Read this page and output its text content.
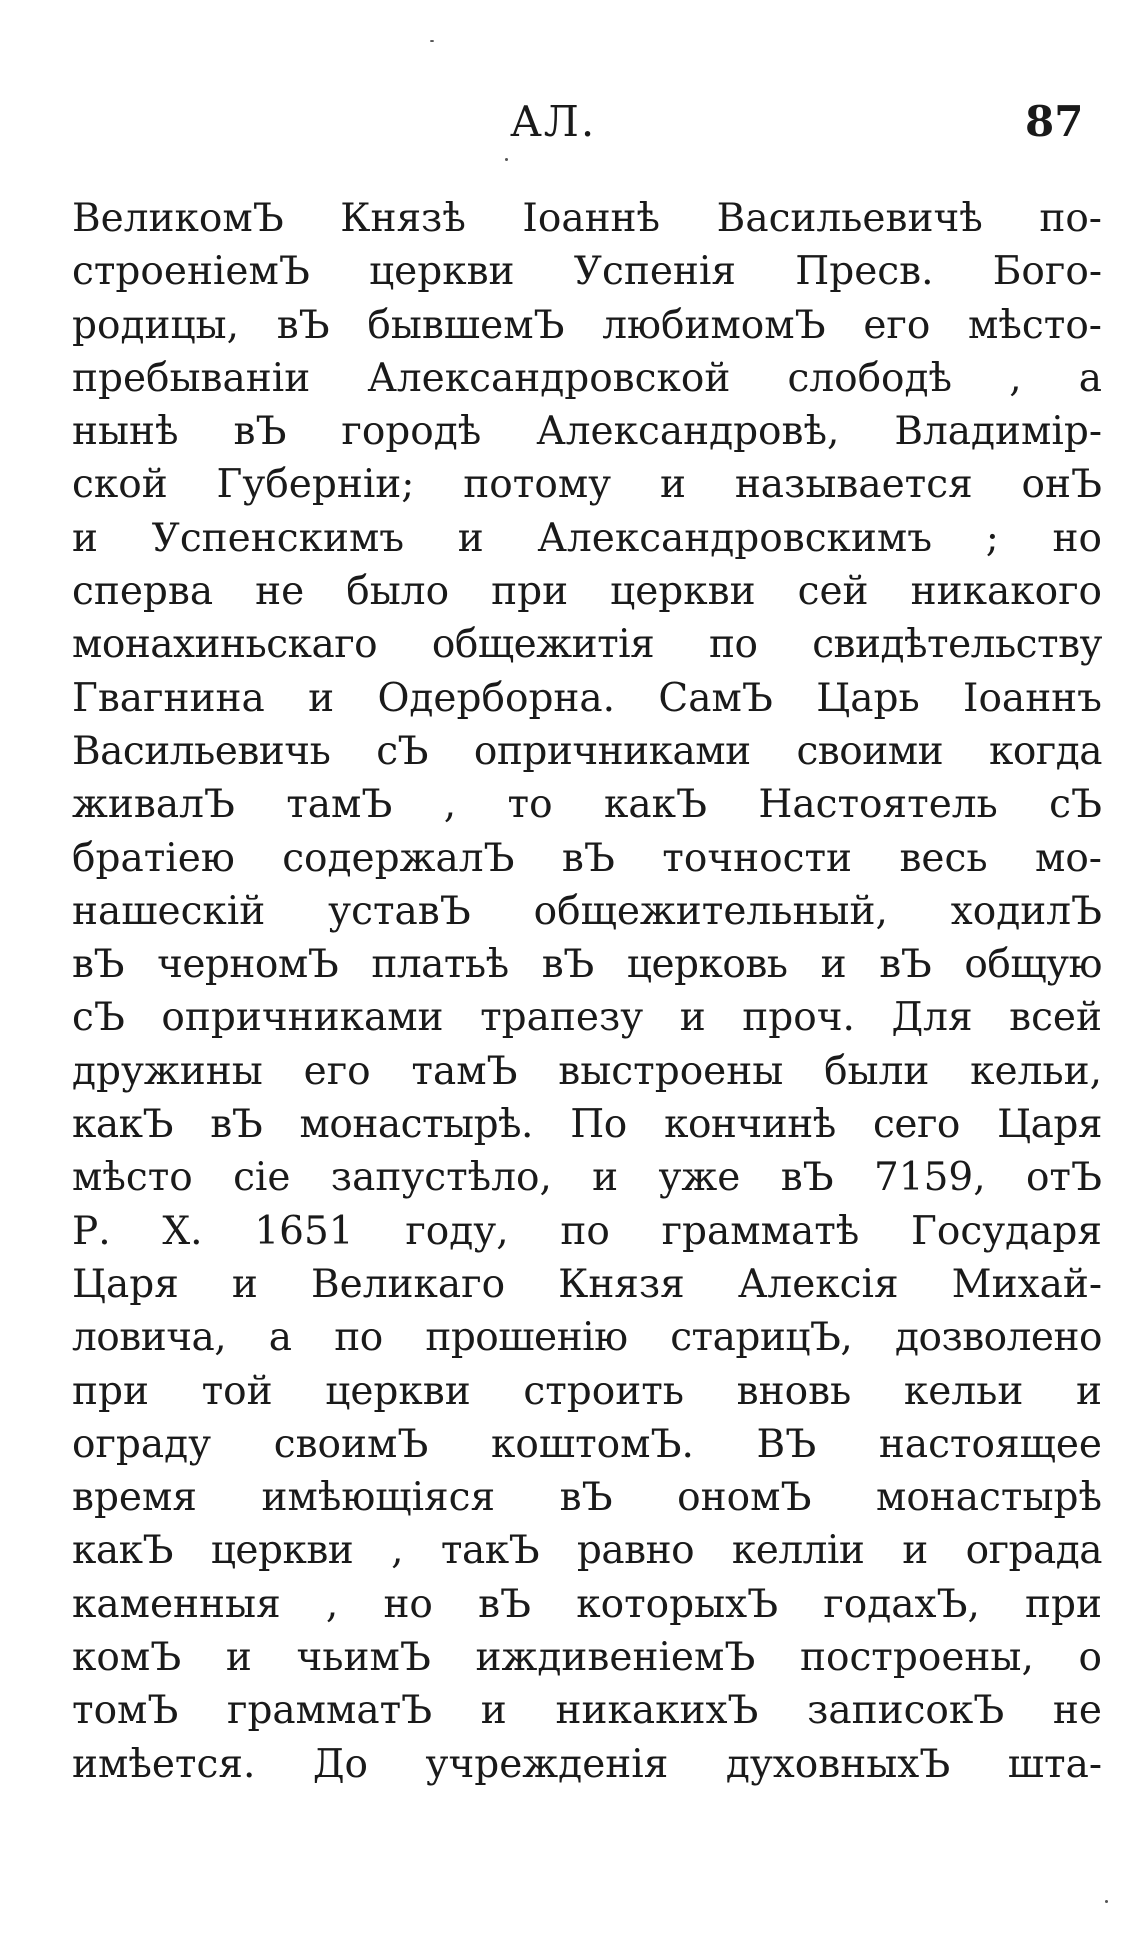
АЛ.	87
ВеликомЪ Князѣ Іоаннѣ Васильевичѣ по-
строеніемЪ церкви Успенія Пресв. Бого-
родицы, вЪ бывшемЪ любимомЪ его мѣсто-
пребываніи Александровской слободѣ , а
нынѣ вЪ городѣ Александровѣ, Владимір-
ской Губерніи; потому и называется онЪ
и Успенскимъ и Александровскимъ ; но
сперва не было при церкви сей никакого
монахиньскаго общежитія по свидѣтельству
Гвагнина и Одерборна. СамЪ Царь Іоаннъ
Васильевичь сЪ опричниками своими когда
живалЪ тамЪ , то какЪ Настоятель сЪ
братіею содержалЪ вЪ точности весь мо-
нашескій уставЪ общежительный, ходилЪ
вЪ черномЪ платьѣ вЪ церковь и вЪ общую
сЪ опричниками трапезу и проч. Для всей
дружины его тамЪ выстроены были кельи,
какЪ вЪ монастырѣ. По кончинѣ сего Царя
мѣсто сіе запустѣло, и уже вЪ 7159, отЪ
Р. Х. 1651 году, по грамматѣ Государя
Царя и Великаго Князя Алексія Михай-
ловича, а по прошенію старицЪ, дозволено
при той церкви строить вновь кельи и
ограду своимЪ коштомЪ. ВЪ настоящее
время имѣющіяся вЪ ономЪ монастырѣ
какЪ церкви , такЪ равно келліи и ограда
каменныя , но вЪ которыхЪ годахЪ, при
комЪ и чьимЪ иждивеніемЪ построены, о
томЪ грамматЪ и никакихЪ записокЪ не
имѣется. До учрежденія духовныхЪ шта-
